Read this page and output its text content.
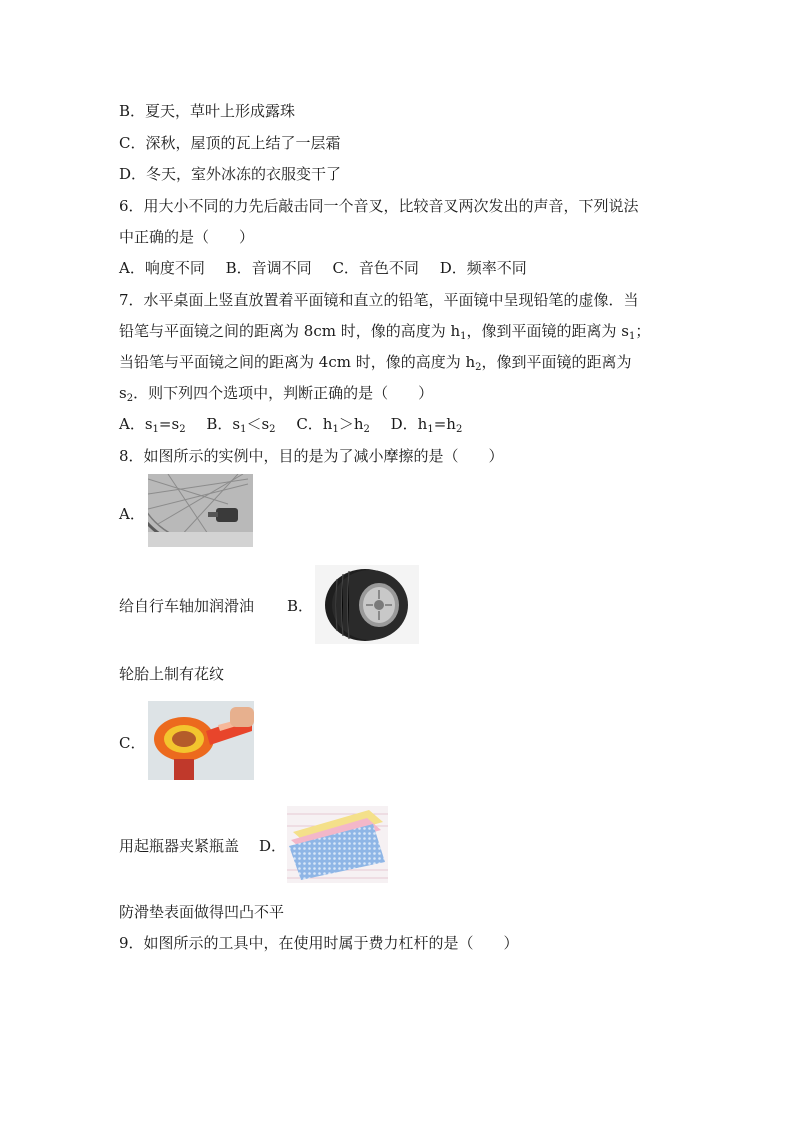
B．夏天，草叶上形成露珠
C．深秋，屋顶的瓦上结了一层霜
D．冬天，室外冰冻的衣服变干了
6．用大小不同的力先后敲击同一个音叉，比较音叉两次发出的声音，下列说法
中正确的是（　　）
A．响度不同 B．音调不同 C．音色不同 D．频率不同
7．水平桌面上竖直放置着平面镜和直立的铅笔，平面镜中呈现铅笔的虚像．当
铅笔与平面镜之间的距离为 8cm 时，像的高度为 $h_1$，像到平面镜的距离为 $s_1$；
当铅笔与平面镜之间的距离为 4cm 时，像的高度为 $h_2$，像到平面镜的距离为
$s_2$．则下列四个选项中，判断正确的是（　　）
A．$s_1=s_2$ B．$s_1<s_2$ C．$h_1>h_2$ D．$h_1=h_2$
8．如图所示的实例中，目的是为了减小摩擦的是（　　）
A．
给自行车轴加润滑油 B．
轮胎上制有花纹
C．
用起瓶器夹紧瓶盖 D．
防滑垫表面做得凹凸不平
9．如图所示的工具中，在使用时属于费力杠杆的是（　　）
